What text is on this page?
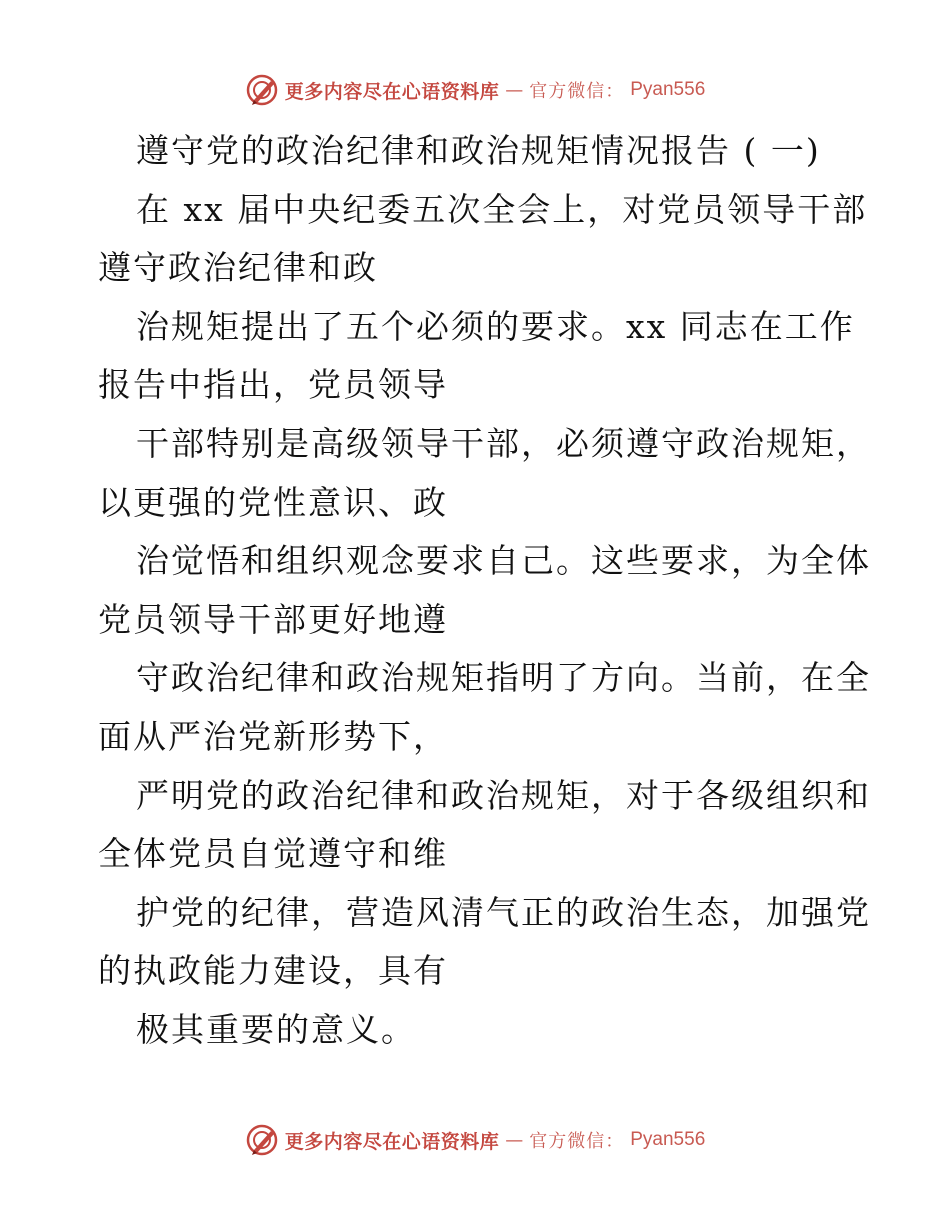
更多内容尽在心语资料库 — 官方微信： Pyan556
遵守党的政治纪律和政治规矩情况报告 ( 一)
在 xx 届中央纪委五次全会上，对党员领导干部
遵守政治纪律和政
治规矩提出了五个必须的要求。xx 同志在工作
报告中指出，党员领导
干部特别是高级领导干部，必须遵守政治规矩，
以更强的党性意识、政
治觉悟和组织观念要求自己。这些要求，为全体
党员领导干部更好地遵
守政治纪律和政治规矩指明了方向。当前，在全
面从严治党新形势下，
严明党的政治纪律和政治规矩，对于各级组织和
全体党员自觉遵守和维
护党的纪律，营造风清气正的政治生态，加强党
的执政能力建设，具有
极其重要的意义。
更多内容尽在心语资料库 — 官方微信： Pyan556
